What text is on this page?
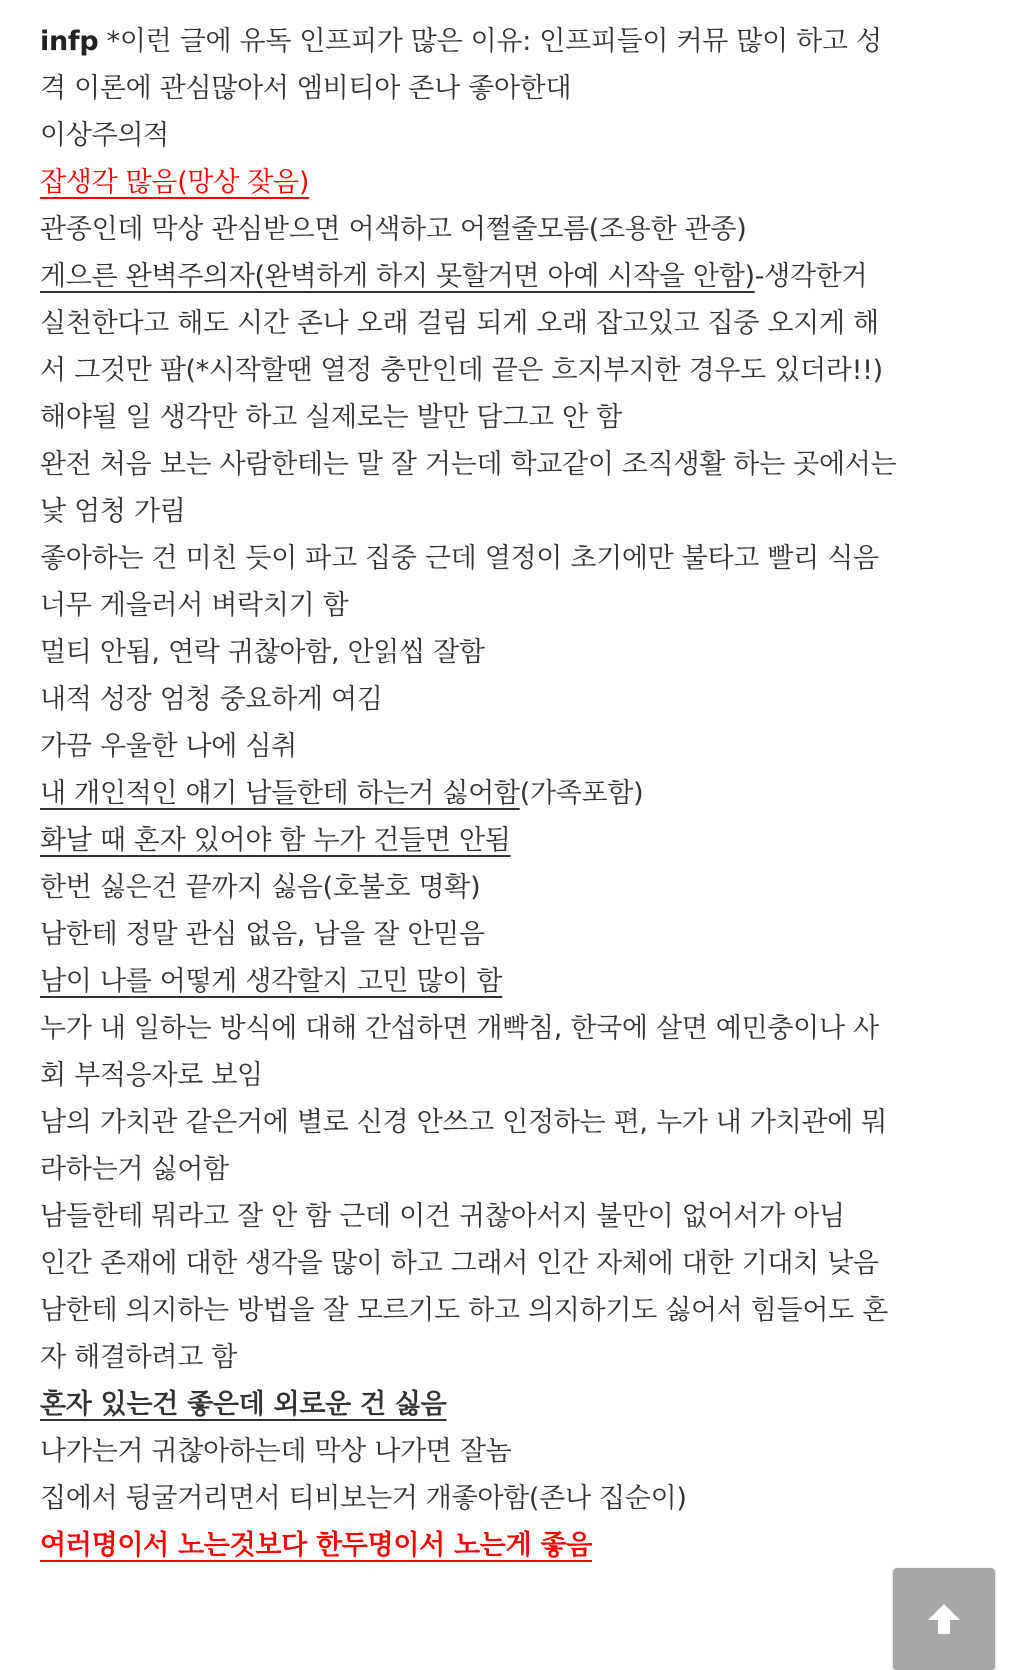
infp *이런 글에 유독 인프피가 많은 이유: 인프피들이 커뮤 많이 하고 성
격 이론에 관심많아서 엠비티아 존나 좋아한대
이상주의적
잡생각 많음(망상 잦음)
관종인데 막상 관심받으면 어색하고 어쩔줄모름(조용한 관종)
게으른 완벽주의자(완벽하게 하지 못할거면 아예 시작을 안함)-생각한거
실천한다고 해도 시간 존나 오래 걸림 되게 오래 잡고있고 집중 오지게 해
서 그것만 팜(*시작할땐 열정 충만인데 끝은 흐지부지한 경우도 있더라!!)
해야될 일 생각만 하고 실제로는 발만 담그고 안 함
완전 처음 보는 사람한테는 말 잘 거는데 학교같이 조직생활 하는 곳에서는
낯 엄청 가림
좋아하는 건 미친 듯이 파고 집중 근데 열정이 초기에만 불타고 빨리 식음
너무 게을러서 벼락치기 함
멀티 안됨, 연락 귀찮아함, 안읽씹 잘함
내적 성장 엄청 중요하게 여김
가끔 우울한 나에 심취
내 개인적인 얘기 남들한테 하는거 싫어함(가족포함)
화날 때 혼자 있어야 함 누가 건들면 안됨
한번 싫은건 끝까지 싫음(호불호 명확)
남한테 정말 관심 없음, 남을 잘 안믿음
남이 나를 어떻게 생각할지 고민 많이 함
누가 내 일하는 방식에 대해 간섭하면 개빡침, 한국에 살면 예민충이나 사
회 부적응자로 보임
남의 가치관 같은거에 별로 신경 안쓰고 인정하는 편, 누가 내 가치관에 뭐
라하는거 싫어함
남들한테 뭐라고 잘 안 함 근데 이건 귀찮아서지 불만이 없어서가 아님
인간 존재에 대한 생각을 많이 하고 그래서 인간 자체에 대한 기대치 낮음
남한테 의지하는 방법을 잘 모르기도 하고 의지하기도 싫어서 힘들어도 혼
자 해결하려고 함
혼자 있는건 좋은데 외로운 건 싫음
나가는거 귀찮아하는데 막상 나가면 잘놈
집에서 뒹굴거리면서 티비보는거 개좋아함(존나 집순이)
여러명이서 노는것보다 한두명이서 노는게 좋음
